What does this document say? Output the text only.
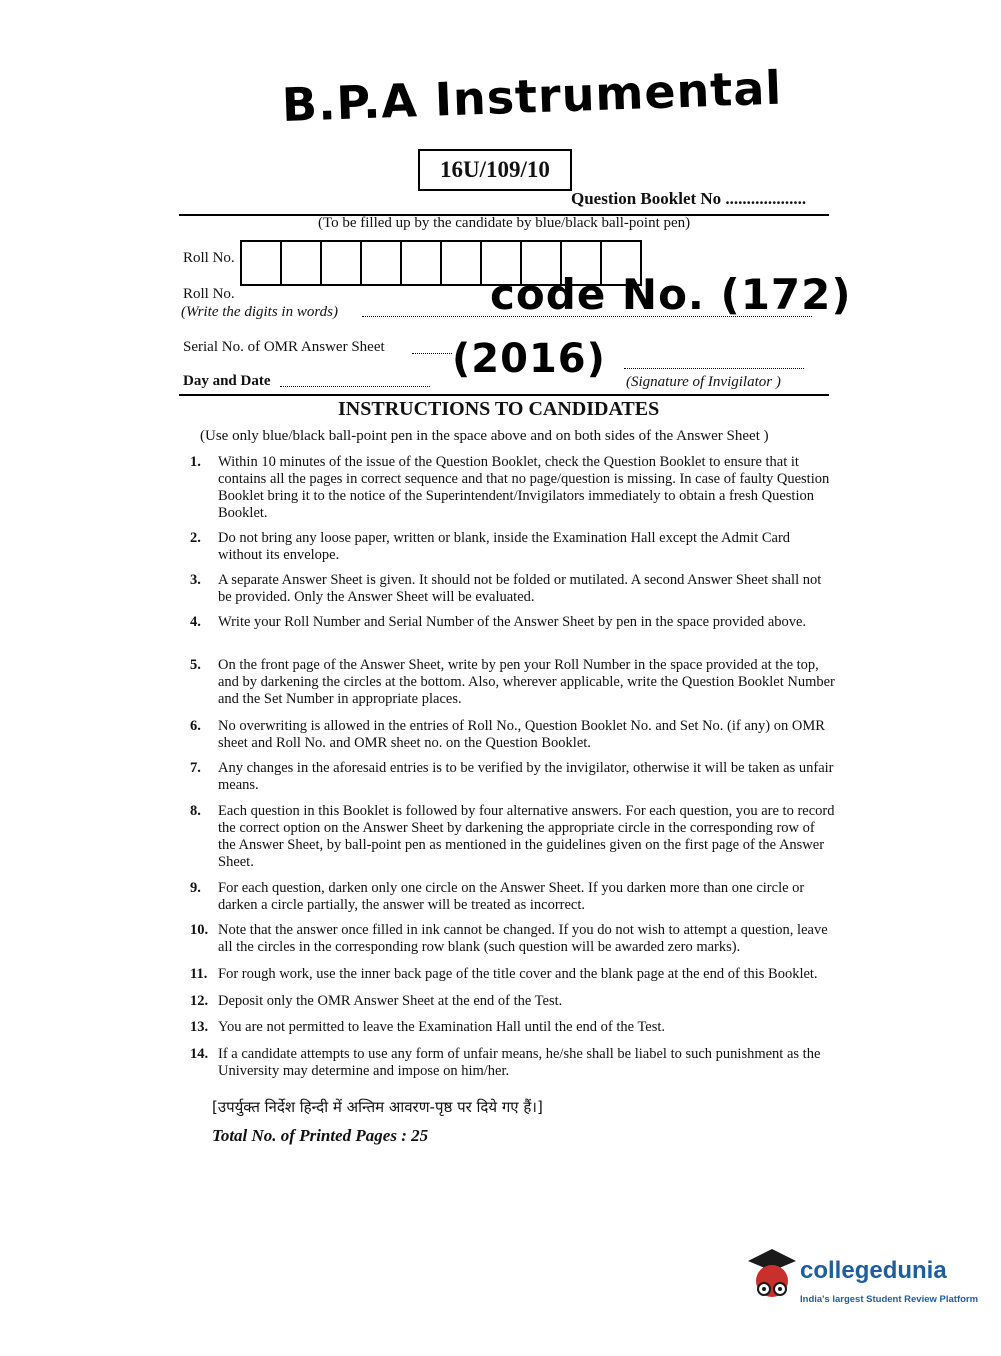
B.P.A Instrumental
16U/109/10
Question Booklet No ...................
(To be filled up by the candidate by blue/black ball-point pen)
Roll No.
Roll No.
(Write the digits in words)	code No. (172)
Serial No. of OMR Answer Sheet (2016)
Day and Date	(Signature of Invigilator )
INSTRUCTIONS TO CANDIDATES
(Use only blue/black ball-point pen in the space above and on both sides of the Answer Sheet )
1. Within 10 minutes of the issue of the Question Booklet, check the Question Booklet to ensure that it contains all the pages in correct sequence and that no page/question is missing. In case of faulty Question Booklet bring it to the notice of the Superintendent/Invigilators immediately to obtain a fresh Question Booklet.
2. Do not bring any loose paper, written or blank, inside the Examination Hall except the Admit Card without its envelope.
3. A separate Answer Sheet is given. It should not be folded or mutilated. A second Answer Sheet shall not be provided. Only the Answer Sheet will be evaluated.
4. Write your Roll Number and Serial Number of the Answer Sheet by pen in the space provided above.
5. On the front page of the Answer Sheet, write by pen your Roll Number in the space provided at the top, and by darkening the circles at the bottom. Also, wherever applicable, write the Question Booklet Number and the Set Number in appropriate places.
6. No overwriting is allowed in the entries of Roll No., Question Booklet No. and Set No. (if any) on OMR sheet and Roll No. and OMR sheet no. on the Question Booklet.
7. Any changes in the aforesaid entries is to be verified by the invigilator, otherwise it will be taken as unfair means.
8. Each question in this Booklet is followed by four alternative answers. For each question, you are to record the correct option on the Answer Sheet by darkening the appropriate circle in the corresponding row of the Answer Sheet, by ball-point pen as mentioned in the guidelines given on the first page of the Answer Sheet.
9. For each question, darken only one circle on the Answer Sheet. If you darken more than one circle or darken a circle partially, the answer will be treated as incorrect.
10. Note that the answer once filled in ink cannot be changed. If you do not wish to attempt a question, leave all the circles in the corresponding row blank (such question will be awarded zero marks).
11. For rough work, use the inner back page of the title cover and the blank page at the end of this Booklet.
12. Deposit only the OMR Answer Sheet at the end of the Test.
13. You are not permitted to leave the Examination Hall until the end of the Test.
14. If a candidate attempts to use any form of unfair means, he/she shall be liabel to such punishment as the University may determine and impose on him/her.
[उपर्युक्त निर्देश हिन्दी में अन्तिम आवरण-पृष्ठ पर दिये गए हैं।]
Total No. of Printed Pages : 25
collegedunia
India's largest Student Review Platform
